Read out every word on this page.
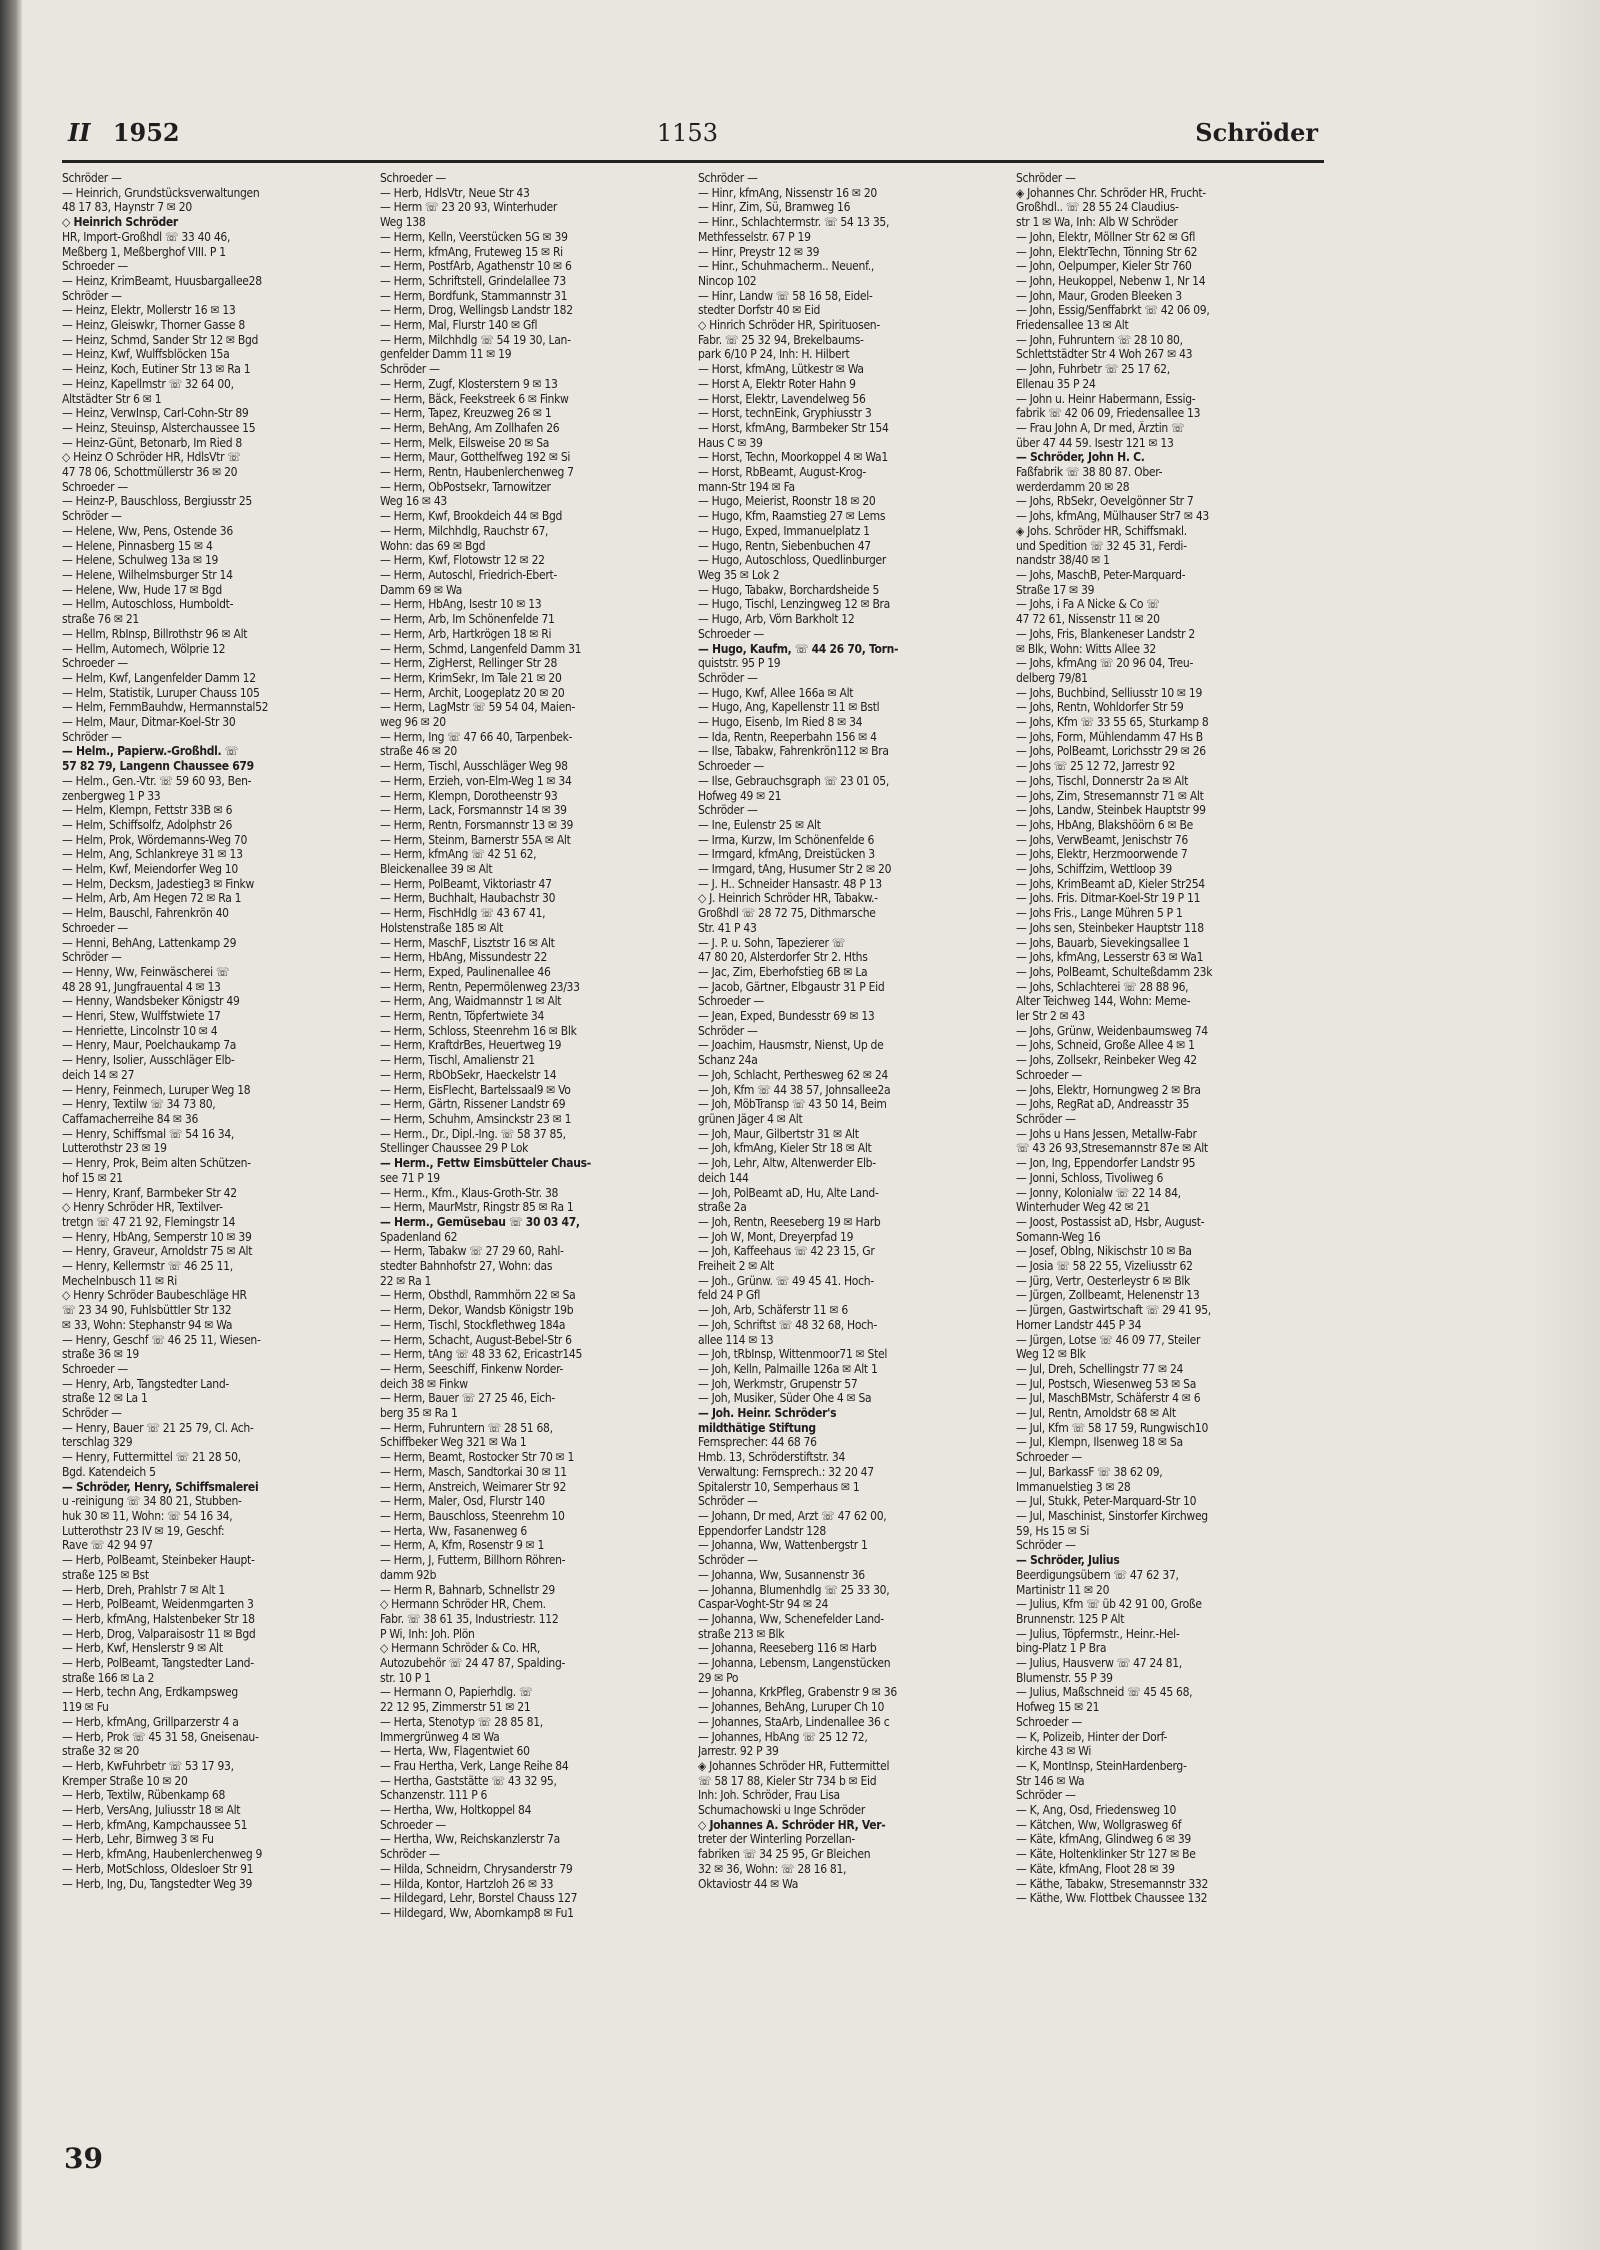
II 1952	1153	Schröder
Schröder —
— Heinrich, Grundstücksverwaltungen
48 17 83, Haynstr 7 ✉ 20
◇ Heinrich Schröder
HR, Import-Großhdl ☏ 33 40 46,
Meßberg 1, Meßberghof VIII. P 1
Schroeder —
— Heinz, KrimBeamt, Huusbargallee28
Schröder —
— Heinz, Elektr, Mollerstr 16 ✉ 13
— Heinz, Gleiswkr, Thorner Gasse 8
— Heinz, Schmd, Sander Str 12 ✉ Bgd
— Heinz, Kwf, Wulffsblöcken 15a
— Heinz, Koch, Eutiner Str 13 ✉ Ra 1
— Heinz, Kapellmstr ☏ 32 64 00,
Altstädter Str 6 ✉ 1
— Heinz, VerwInsp, Carl-Cohn-Str 89
— Heinz, Steuinsp, Alsterchaussee 15
— Heinz-Günt, Betonarb, Im Ried 8
◇ Heinz O Schröder HR, HdlsVtr ☏
47 78 06, Schottmüllerstr 36 ✉ 20
Schroeder —
— Heinz-P, Bauschloss, Bergiusstr 25
Schröder —
— Helene, Ww, Pens, Ostende 36
— Helene, Pinnasberg 15 ✉ 4
— Helene, Schulweg 13a ✉ 19
— Helene, Wilhelmsburger Str 14
— Helene, Ww, Hude 17 ✉ Bgd
— Hellm, Autoschloss, Humboldt-
straße 76 ✉ 21
— Hellm, RbInsp, Billrothstr 96 ✉ Alt
— Hellm, Automech, Wölprie 12
Schroeder —
— Helm, Kwf, Langenfelder Damm 12
— Helm, Statistik, Luruper Chauss 105
— Helm, FernmBauhdw, Hermannstal52
— Helm, Maur, Ditmar-Koel-Str 30
Schröder —
— Helm., Papierw.-Großhdl. ☏
57 82 79, Langenn Chaussee 679
— Helm., Gen.-Vtr. ☏ 59 60 93, Ben-
zenbergweg 1 P 33
— Helm, Klempn, Fettstr 33B ✉ 6
— Helm, Schiffsolfz, Adolphstr 26
— Helm, Prok, Wördemanns-Weg 70
— Helm, Ang, Schlankreye 31 ✉ 13
— Helm, Kwf, Meiendorfer Weg 10
— Helm, Decksm, Jadestieg3 ✉ Finkw
— Helm, Arb, Am Hegen 72 ✉ Ra 1
— Helm, Bauschl, Fahrenkrön 40
Schroeder —
— Henni, BehAng, Lattenkamp 29
Schröder —
— Henny, Ww, Feinwäscherei ☏
48 28 91, Jungfrauental 4 ✉ 13
— Henny, Wandsbeker Königstr 49
— Henri, Stew, Wulffstwiete 17
— Henriette, Lincolnstr 10 ✉ 4
— Henry, Maur, Poelchaukamp 7a
— Henry, Isolier, Ausschläger Elb-
deich 14 ✉ 27
— Henry, Feinmech, Luruper Weg 18
— Henry, Textilw ☏ 34 73 80,
Caffamacherreihe 84 ✉ 36
— Henry, Schiffsmal ☏ 54 16 34,
Lutterothstr 23 ✉ 19
— Henry, Prok, Beim alten Schützen-
hof 15 ✉ 21
— Henry, Kranf, Barmbeker Str 42
◇ Henry Schröder HR, Textilver-
tretgn ☏ 47 21 92, Flemingstr 14
— Henry, HbAng, Semperstr 10 ✉ 39
— Henry, Graveur, Arnoldstr 75 ✉ Alt
— Henry, Kellermstr ☏ 46 25 11,
Mechelnbusch 11 ✉ Ri
◇ Henry Schröder Baubeschläge HR
☏ 23 34 90, Fuhlsbüttler Str 132
✉ 33, Wohn: Stephanstr 94 ✉ Wa
— Henry, Geschf ☏ 46 25 11, Wiesen-
straße 36 ✉ 19
Schroeder —
— Henry, Arb, Tangstedter Land-
straße 12 ✉ La 1
Schröder —
— Henry, Bauer ☏ 21 25 79, Cl. Ach-
terschlag 329
— Henry, Futtermittel ☏ 21 28 50,
Bgd. Katendeich 5
— Schröder, Henry, Schiffsmalerei
u -reinigung ☏ 34 80 21, Stubben-
huk 30 ✉ 11, Wohn: ☏ 54 16 34,
Lutterothstr 23 IV ✉ 19, Geschf:
Rave ☏ 42 94 97
— Herb, PolBeamt, Steinbeker Haupt-
straße 125 ✉ Bst
— Herb, Dreh, Prahlstr 7 ✉ Alt 1
— Herb, PolBeamt, Weidenmgarten 3
— Herb, kfmAng, Halstenbeker Str 18
— Herb, Drog, Valparaisostr 11 ✉ Bgd
— Herb, Kwf, Henslerstr 9 ✉ Alt
— Herb, PolBeamt, Tangstedter Land-
straße 166 ✉ La 2
— Herb, techn Ang, Erdkampsweg
119 ✉ Fu
— Herb, kfmAng, Grillparzerstr 4 a
— Herb, Prok ☏ 45 31 58, Gneisenau-
straße 32 ✉ 20
— Herb, KwFuhrbetr ☏ 53 17 93,
Kremper Straße 10 ✉ 20
— Herb, Textilw, Rübenkamp 68
— Herb, VersAng, Juliusstr 18 ✉ Alt
— Herb, kfmAng, Kampchaussee 51
— Herb, Lehr, Birnweg 3 ✉ Fu
— Herb, kfmAng, Haubenlerchenweg 9
— Herb, MotSchloss, Oldesloer Str 91
— Herb, Ing, Du, Tangstedter Weg 39
Schroeder —
— Herb, HdlsVtr, Neue Str 43
— Herm ☏ 23 20 93, Winterhuder
Weg 138
— Herm, Kelln, Veerstücken 5G ✉ 39
— Herm, kfmAng, Fruteweg 15 ✉ Ri
— Herm, PostfArb, Agathenstr 10 ✉ 6
— Herm, Schriftstell, Grindelallee 73
— Herm, Bordfunk, Stammannstr 31
— Herm, Drog, Wellingsb Landstr 182
— Herm, Mal, Flurstr 140 ✉ Gfl
— Herm, Milchhdlg ☏ 54 19 30, Lan-
genfelder Damm 11 ✉ 19
Schröder —
— Herm, Zugf, Klosterstern 9 ✉ 13
— Herm, Bäck, Feekstreek 6 ✉ Finkw
— Herm, Tapez, Kreuzweg 26 ✉ 1
— Herm, BehAng, Am Zollhafen 26
— Herm, Melk, Eilsweise 20 ✉ Sa
— Herm, Maur, Gotthelfweg 192 ✉ Si
— Herm, Rentn, Haubenlerchenweg 7
— Herm, ObPostsekr, Tarnowitzer
Weg 16 ✉ 43
— Herm, Kwf, Brookdeich 44 ✉ Bgd
— Herm, Milchhdlg, Rauchstr 67,
Wohn: das 69 ✉ Bgd
— Herm, Kwf, Flotowstr 12 ✉ 22
— Herm, Autoschl, Friedrich-Ebert-
Damm 69 ✉ Wa
— Herm, HbAng, Isestr 10 ✉ 13
— Herm, Arb, Im Schönenfelde 71
— Herm, Arb, Hartkrögen 18 ✉ Ri
— Herm, Schmd, Langenfeld Damm 31
— Herm, ZigHerst, Rellinger Str 28
— Herm, KrimSekr, Im Tale 21 ✉ 20
— Herm, Archit, Loogeplatz 20 ✉ 20
— Herm, LagMstr ☏ 59 54 04, Maien-
weg 96 ✉ 20
— Herm, Ing ☏ 47 66 40, Tarpenbek-
straße 46 ✉ 20
— Herm, Tischl, Ausschläger Weg 98
— Herm, Erzieh, von-Elm-Weg 1 ✉ 34
— Herm, Klempn, Dorotheenstr 93
— Herm, Lack, Forsmannstr 14 ✉ 39
— Herm, Rentn, Forsmannstr 13 ✉ 39
— Herm, Steinm, Barnerstr 55A ✉ Alt
— Herm, kfmAng ☏ 42 51 62,
Bleickenallee 39 ✉ Alt
— Herm, PolBeamt, Viktoriastr 47
— Herm, Buchhalt, Haubachstr 30
— Herm, FischHdlg ☏ 43 67 41,
Holstenstraße 185 ✉ Alt
— Herm, MaschF, Lisztstr 16 ✉ Alt
— Herm, HbAng, Missundestr 22
— Herm, Exped, Paulinenallee 46
— Herm, Rentn, Pepermölenweg 23/33
— Herm, Ang, Waidmannstr 1 ✉ Alt
— Herm, Rentn, Töpfertwiete 34
— Herm, Schloss, Steenrehm 16 ✉ Blk
— Herm, KraftdrBes, Heuertweg 19
— Herm, Tischl, Amalienstr 21
— Herm, RbObSekr, Haeckelstr 14
— Herm, EisFlecht, Bartelssaal9 ✉ Vo
— Herm, Gärtn, Rissener Landstr 69
— Herm, Schuhm, Amsinckstr 23 ✉ 1
— Herm., Dr., Dipl.-Ing. ☏ 58 37 85,
Stellinger Chaussee 29 P Lok
— Herm., Fettw Eimsbütteler Chaus-
see 71 P 19
— Herm., Kfm., Klaus-Groth-Str. 38
— Herm, MaurMstr, Ringstr 85 ✉ Ra 1
— Herm., Gemüsebau ☏ 30 03 47,
Spadenland 62
— Herm, Tabakw ☏ 27 29 60, Rahl-
stedter Bahnhofstr 27, Wohn: das
22 ✉ Ra 1
— Herm, Obsthdl, Rammhörn 22 ✉ Sa
— Herm, Dekor, Wandsb Königstr 19b
— Herm, Tischl, Stockflethweg 184a
— Herm, Schacht, August-Bebel-Str 6
— Herm, tAng ☏ 48 33 62, Ericastr145
— Herm, Seeschiff, Finkenw Norder-
deich 38 ✉ Finkw
— Herm, Bauer ☏ 27 25 46, Eich-
berg 35 ✉ Ra 1
— Herm, Fuhruntern ☏ 28 51 68,
Schiffbeker Weg 321 ✉ Wa 1
— Herm, Beamt, Rostocker Str 70 ✉ 1
— Herm, Masch, Sandtorkai 30 ✉ 11
— Herm, Anstreich, Weimarer Str 92
— Herm, Maler, Osd, Flurstr 140
— Herm, Bauschloss, Steenrehm 10
— Herta, Ww, Fasanenweg 6
— Herm, A, Kfm, Rosenstr 9 ✉ 1
— Herm, J, Futterm, Billhorn Röhren-
damm 92b
— Herm R, Bahnarb, Schnellstr 29
◇ Hermann Schröder HR, Chem.
Fabr. ☏ 38 61 35, Industriestr. 112
P Wi, Inh: Joh. Plön
◇ Hermann Schröder & Co. HR,
Autozubehör ☏ 24 47 87, Spalding-
str. 10 P 1
— Hermann O, Papierhdlg. ☏
22 12 95, Zimmerstr 51 ✉ 21
— Herta, Stenotyp ☏ 28 85 81,
Immergrünweg 4 ✉ Wa
— Herta, Ww, Flagentwiet 60
— Frau Hertha, Verk, Lange Reihe 84
— Hertha, Gaststätte ☏ 43 32 95,
Schanzenstr. 111 P 6
— Hertha, Ww, Holtkoppel 84
Schroeder —
— Hertha, Ww, Reichskanzlerstr 7a
Schröder —
— Hilda, Schneidrn, Chrysanderstr 79
— Hilda, Kontor, Hartzloh 26 ✉ 33
— Hildegard, Lehr, Borstel Chauss 127
— Hildegard, Ww, Abornkamp8 ✉ Fu1
Schröder —
— Hinr, kfmAng, Nissenstr 16 ✉ 20
— Hinr, Zim, Sü, Bramweg 16
— Hinr., Schlachtermstr. ☏ 54 13 35,
Methfesselstr. 67 P 19
— Hinr, Preystr 12 ✉ 39
— Hinr., Schuhmacherm.. Neuenf.,
Nincop 102
— Hinr, Landw ☏ 58 16 58, Eidel-
stedter Dorfstr 40 ✉ Eid
◇ Hinrich Schröder HR, Spirituosen-
Fabr. ☏ 25 32 94, Brekelbaums-
park 6/10 P 24, Inh: H. Hilbert
— Horst, kfmAng, Lütkestr ✉ Wa
— Horst A, Elektr Roter Hahn 9
— Horst, Elektr, Lavendelweg 56
— Horst, technEink, Gryphiusstr 3
— Horst, kfmAng, Barmbeker Str 154
Haus C ✉ 39
— Horst, Techn, Moorkoppel 4 ✉ Wa1
— Horst, RbBeamt, August-Krog-
mann-Str 194 ✉ Fa
— Hugo, Meierist, Roonstr 18 ✉ 20
— Hugo, Kfm, Raamstieg 27 ✉ Lems
— Hugo, Exped, Immanuelplatz 1
— Hugo, Rentn, Siebenbuchen 47
— Hugo, Autoschloss, Quedlinburger
Weg 35 ✉ Lok 2
— Hugo, Tabakw, Borchardsheide 5
— Hugo, Tischl, Lenzingweg 12 ✉ Bra
— Hugo, Arb, Vörn Barkholt 12
Schroeder —
— Hugo, Kaufm, ☏ 44 26 70, Torn-
quiststr. 95 P 19
Schröder —
— Hugo, Kwf, Allee 166a ✉ Alt
— Hugo, Ang, Kapellenstr 11 ✉ Bstl
— Hugo, Eisenb, Im Ried 8 ✉ 34
— Ida, Rentn, Reeperbahn 156 ✉ 4
— Ilse, Tabakw, Fahrenkrön112 ✉ Bra
Schroeder —
— Ilse, Gebrauchsgraph ☏ 23 01 05,
Hofweg 49 ✉ 21
Schröder —
— Ine, Eulenstr 25 ✉ Alt
— Irma, Kurzw, Im Schönenfelde 6
— Irmgard, kfmAng, Dreistücken 3
— Irmgard, tAng, Husumer Str 2 ✉ 20
— J. H.. Schneider Hansastr. 48 P 13
◇ J. Heinrich Schröder HR, Tabakw.-
Großhdl ☏ 28 72 75, Dithmarsche
Str. 41 P 43
— J. P. u. Sohn, Tapezierer ☏
47 80 20, Alsterdorfer Str 2. Hths
— Jac, Zim, Eberhofstieg 6B ✉ La
— Jacob, Gärtner, Elbgaustr 31 P Eid
Schroeder —
— Jean, Exped, Bundesstr 69 ✉ 13
Schröder —
— Joachim, Hausmstr, Nienst, Up de
Schanz 24a
— Joh, Schlacht, Perthesweg 62 ✉ 24
— Joh, Kfm ☏ 44 38 57, Johnsallee2a
— Joh, MöbTransp ☏ 43 50 14, Beim
grünen Jäger 4 ✉ Alt
— Joh, Maur, Gilbertstr 31 ✉ Alt
— Joh, kfmAng, Kieler Str 18 ✉ Alt
— Joh, Lehr, Altw, Altenwerder Elb-
deich 144
— Joh, PolBeamt aD, Hu, Alte Land-
straße 2a
— Joh, Rentn, Reeseberg 19 ✉ Harb
— Joh W, Mont, Dreyerpfad 19
— Joh, Kaffeehaus ☏ 42 23 15, Gr
Freiheit 2 ✉ Alt
— Joh., Grünw. ☏ 49 45 41. Hoch-
feld 24 P Gfl
— Joh, Arb, Schäferstr 11 ✉ 6
— Joh, Schriftst ☏ 48 32 68, Hoch-
allee 114 ✉ 13
— Joh, tRbInsp, Wittenmoor71 ✉ Stel
— Joh, Kelln, Palmaille 126a ✉ Alt 1
— Joh, Werkmstr, Grupenstr 57
— Joh, Musiker, Süder Ohe 4 ✉ Sa
— Joh. Heinr. Schröder's
mildthätige Stiftung
Fernsprecher: 44 68 76
Hmb. 13, Schröderstiftstr. 34
Verwaltung: Fernsprech.: 32 20 47
Spitalerstr 10, Semperhaus ✉ 1
Schröder —
— Johann, Dr med, Arzt ☏ 47 62 00,
Eppendorfer Landstr 128
— Johanna, Ww, Wattenbergstr 1
Schröder —
— Johanna, Ww, Susannenstr 36
— Johanna, Blumenhdlg ☏ 25 33 30,
Caspar-Voght-Str 94 ✉ 24
— Johanna, Ww, Schenefelder Land-
straße 213 ✉ Blk
— Johanna, Reeseberg 116 ✉ Harb
— Johanna, Lebensm, Langenstücken
29 ✉ Po
— Johanna, KrkPfleg, Grabenstr 9 ✉ 36
— Johannes, BehAng, Luruper Ch 10
— Johannes, StaArb, Lindenallee 36 c
— Johannes, HbAng ☏ 25 12 72,
Jarrestr. 92 P 39
◈ Johannes Schröder HR, Futtermittel
☏ 58 17 88, Kieler Str 734 b ✉ Eid
Inh: Joh. Schröder, Frau Lisa
Schumachowski u Inge Schröder
◇ Johannes A. Schröder HR, Ver-
treter der Winterling Porzellan-
fabriken ☏ 34 25 95, Gr Bleichen
32 ✉ 36, Wohn: ☏ 28 16 81,
Oktaviostr 44 ✉ Wa
Schröder —
◈ Johannes Chr. Schröder HR, Frucht-
Großhdl.. ☏ 28 55 24 Claudius-
str 1 ✉ Wa, Inh: Alb W Schröder
— John, Elektr, Möllner Str 62 ✉ Gfl
— John, ElektrTechn, Tönning Str 62
— John, Oelpumper, Kieler Str 760
— John, Heukoppel, Nebenw 1, Nr 14
— John, Maur, Groden Bleeken 3
— John, Essig/Senffabrkt ☏ 42 06 09,
Friedensallee 13 ✉ Alt
— John, Fuhruntern ☏ 28 10 80,
Schlettstädter Str 4 Woh 267 ✉ 43
— John, Fuhrbetr ☏ 25 17 62,
Ellenau 35 P 24
— John u. Heinr Habermann, Essig-
fabrik ☏ 42 06 09, Friedensallee 13
— Frau John A, Dr med, Ärztin ☏
über 47 44 59. Isestr 121 ✉ 13
— Schröder, John H. C.
Faßfabrik ☏ 38 80 87. Ober-
werderdamm 20 ✉ 28
— Johs, RbSekr, Oevelgönner Str 7
— Johs, kfmAng, Mülhauser Str7 ✉ 43
◈ Johs. Schröder HR, Schiffsmakl.
und Spedition ☏ 32 45 31, Ferdi-
nandstr 38/40 ✉ 1
— Johs, MaschB, Peter-Marquard-
Straße 17 ✉ 39
— Johs, i Fa A Nicke & Co ☏
47 72 61, Nissenstr 11 ✉ 20
— Johs, Fris, Blankeneser Landstr 2
✉ Blk, Wohn: Witts Allee 32
— Johs, kfmAng ☏ 20 96 04, Treu-
delberg 79/81
— Johs, Buchbind, Selliusstr 10 ✉ 19
— Johs, Rentn, Wohldorfer Str 59
— Johs, Kfm ☏ 33 55 65, Sturkamp 8
— Johs, Form, Mühlendamm 47 Hs B
— Johs, PolBeamt, Lorichsstr 29 ✉ 26
— Johs ☏ 25 12 72, Jarrestr 92
— Johs, Tischl, Donnerstr 2a ✉ Alt
— Johs, Zim, Stresemannstr 71 ✉ Alt
— Johs, Landw, Steinbek Hauptstr 99
— Johs, HbAng, Blakshöörn 6 ✉ Be
— Johs, VerwBeamt, Jenischstr 76
— Johs, Elektr, Herzmoorwende 7
— Johs, Schiffzim, Wettloop 39
— Johs, KrimBeamt aD, Kieler Str254
— Johs. Fris. Ditmar-Koel-Str 19 P 11
— Johs Fris., Lange Mühren 5 P 1
— Johs sen, Steinbeker Hauptstr 118
— Johs, Bauarb, Sievekingsallee 1
— Johs, kfmAng, Lesserstr 63 ✉ Wa1
— Johs, PolBeamt, Schulteßdamm 23k
— Johs, Schlachterei ☏ 28 88 96,
Alter Teichweg 144, Wohn: Meme-
ler Str 2 ✉ 43
— Johs, Grünw, Weidenbaumsweg 74
— Johs, Schneid, Große Allee 4 ✉ 1
— Johs, Zollsekr, Reinbeker Weg 42
Schroeder —
— Johs, Elektr, Hornungweg 2 ✉ Bra
— Johs, RegRat aD, Andreasstr 35
Schröder —
— Johs u Hans Jessen, Metallw-Fabr
☏ 43 26 93,Stresemannstr 87e ✉ Alt
— Jon, Ing, Eppendorfer Landstr 95
— Jonni, Schloss, Tivoliweg 6
— Jonny, Kolonialw ☏ 22 14 84,
Winterhuder Weg 42 ✉ 21
— Joost, Postassist aD, Hsbr, August-
Somann-Weg 16
— Josef, Oblng, Nikischstr 10 ✉ Ba
— Josia ☏ 58 22 55, Vizeliusstr 62
— Jürg, Vertr, Oesterleystr 6 ✉ Blk
— Jürgen, Zollbeamt, Helenenstr 13
— Jürgen, Gastwirtschaft ☏ 29 41 95,
Horner Landstr 445 P 34
— Jürgen, Lotse ☏ 46 09 77, Steiler
Weg 12 ✉ Blk
— Jul, Dreh, Schellingstr 77 ✉ 24
— Jul, Postsch, Wiesenweg 53 ✉ Sa
— Jul, MaschBMstr, Schäferstr 4 ✉ 6
— Jul, Rentn, Arnoldstr 68 ✉ Alt
— Jul, Kfm ☏ 58 17 59, Rungwisch10
— Jul, Klempn, Ilsenweg 18 ✉ Sa
Schroeder —
— Jul, BarkassF ☏ 38 62 09,
Immanuelstieg 3 ✉ 28
— Jul, Stukk, Peter-Marquard-Str 10
— Jul, Maschinist, Sinstorfer Kirchweg
59, Hs 15 ✉ Si
Schröder —
— Schröder, Julius
Beerdigungsübern ☏ 47 62 37,
Martinistr 11 ✉ 20
— Julius, Kfm ☏ üb 42 91 00, Große
Brunnenstr. 125 P Alt
— Julius, Töpfermstr., Heinr.-Hel-
bing-Platz 1 P Bra
— Julius, Hausverw ☏ 47 24 81,
Blumenstr. 55 P 39
— Julius, Maßschneid ☏ 45 45 68,
Hofweg 15 ✉ 21
Schroeder —
— K, Polizeib, Hinter der Dorf-
kirche 43 ✉ Wi
— K, MontInsp, SteinHardenberg-
Str 146 ✉ Wa
Schröder —
— K, Ang, Osd, Friedensweg 10
— Kätchen, Ww, Wollgrasweg 6f
— Käte, kfmAng, Glindweg 6 ✉ 39
— Käte, Holtenklinker Str 127 ✉ Be
— Käte, kfmAng, Floot 28 ✉ 39
— Käthe, Tabakw, Stresemannstr 332
— Käthe, Ww. Flottbek Chaussee 132
39
